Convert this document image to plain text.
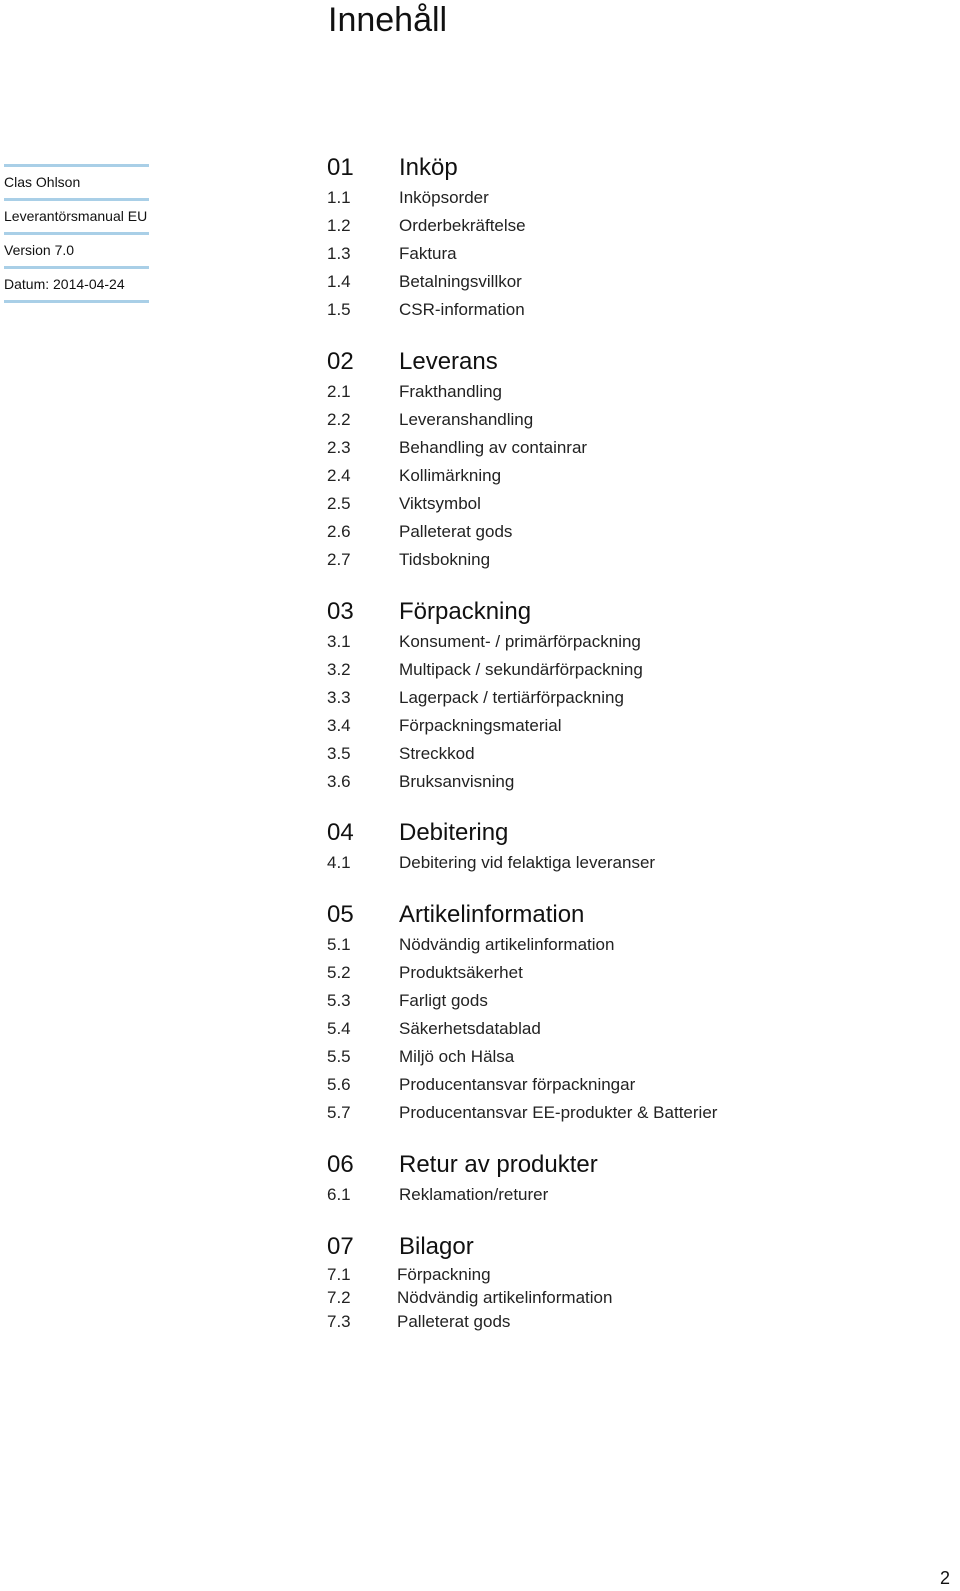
Innehåll
Clas Ohlson
Leverantörsmanual EU
Version 7.0
Datum: 2014-04-24
01	Inköp
1.1	Inköpsorder
1.2	Orderbekräftelse
1.3	Faktura
1.4	Betalningsvillkor
1.5	CSR-information
02	Leverans
2.1	Frakthandling
2.2	Leveranshandling
2.3	Behandling av containrar
2.4	Kollimärkning
2.5	Viktsymbol
2.6	Palleterat gods
2.7	Tidsbokning
03	Förpackning
3.1	Konsument- / primärförpackning
3.2	Multipack / sekundärförpackning
3.3	Lagerpack / tertiärförpackning
3.4	Förpackningsmaterial
3.5	Streckkod
3.6	Bruksanvisning
04	Debitering
4.1	Debitering vid felaktiga leveranser
05	Artikelinformation
5.1	Nödvändig artikelinformation
5.2	Produktsäkerhet
5.3	Farligt gods
5.4	Säkerhetsdatablad
5.5	Miljö och Hälsa
5.6	Producentansvar förpackningar
5.7	Producentansvar EE-produkter & Batterier
06	Retur av produkter
6.1	Reklamation/returer
07	Bilagor
7.1	Förpackning
7.2	Nödvändig artikelinformation
7.3	Palleterat gods
2
